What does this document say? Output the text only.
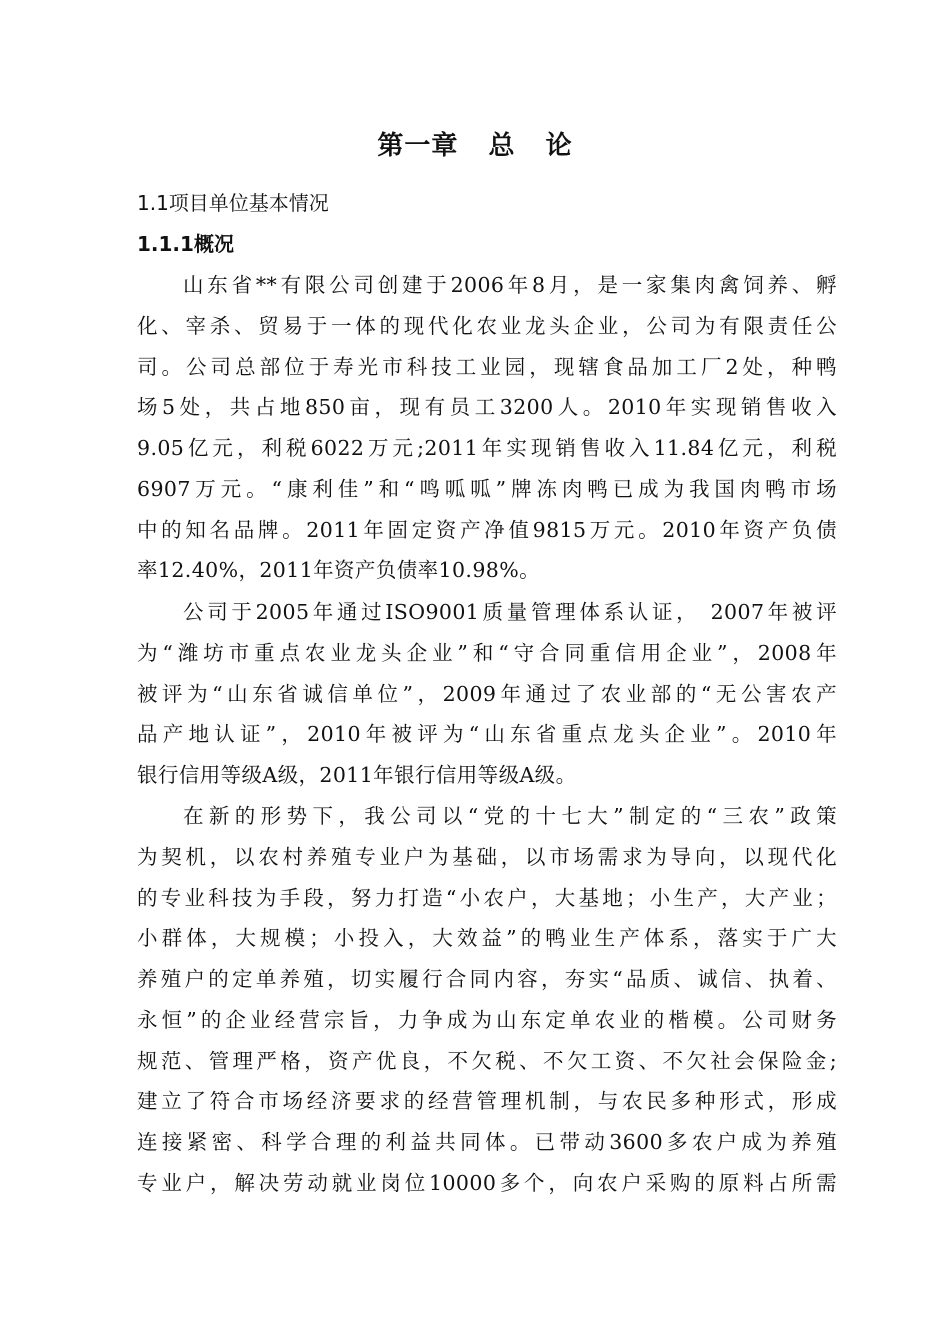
第一章   总   论
1.1项目单位基本情况
1.1.1概况
山东省**有限公司创建于2006年8月，是一家集肉禽饲养、孵
化、宰杀、贸易于一体的现代化农业龙头企业，公司为有限责任公
司。公司总部位于寿光市科技工业园，现辖食品加工厂2处，种鸭
场5处，共占地850亩，现有员工3200人。2010年实现销售收入
9.05亿元，利税6022万元;2011年实现销售收入11.84亿元，利税
6907万元。“康利佳”和“鸣呱呱”牌冻肉鸭已成为我国肉鸭市场
中的知名品牌。2011年固定资产净值9815万元。2010年资产负债
率12.40%，2011年资产负债率10.98%。
公司于2005年通过ISO9001质量管理体系认证， 2007年被评
为“潍坊市重点农业龙头企业”和“守合同重信用企业”，2008年
被评为“山东省诚信单位”，2009年通过了农业部的“无公害农产
品产地认证”，2010年被评为“山东省重点龙头企业”。2010年
银行信用等级A级，2011年银行信用等级A级。
在新的形势下，我公司以“党的十七大”制定的“三农”政策
为契机，以农村养殖专业户为基础，以市场需求为导向，以现代化
的专业科技为手段，努力打造“小农户，大基地；小生产，大产业；
小群体，大规模；小投入，大效益”的鸭业生产体系，落实于广大
养殖户的定单养殖，切实履行合同内容，夯实“品质、诚信、执着、
永恒”的企业经营宗旨，力争成为山东定单农业的楷模。公司财务
规范、管理严格，资产优良，不欠税、不欠工资、不欠社会保险金;
建立了符合市场经济要求的经营管理机制，与农民多种形式，形成
连接紧密、科学合理的利益共同体。已带动3600多农户成为养殖
专业户，解决劳动就业岗位10000多个，向农户采购的原料占所需
